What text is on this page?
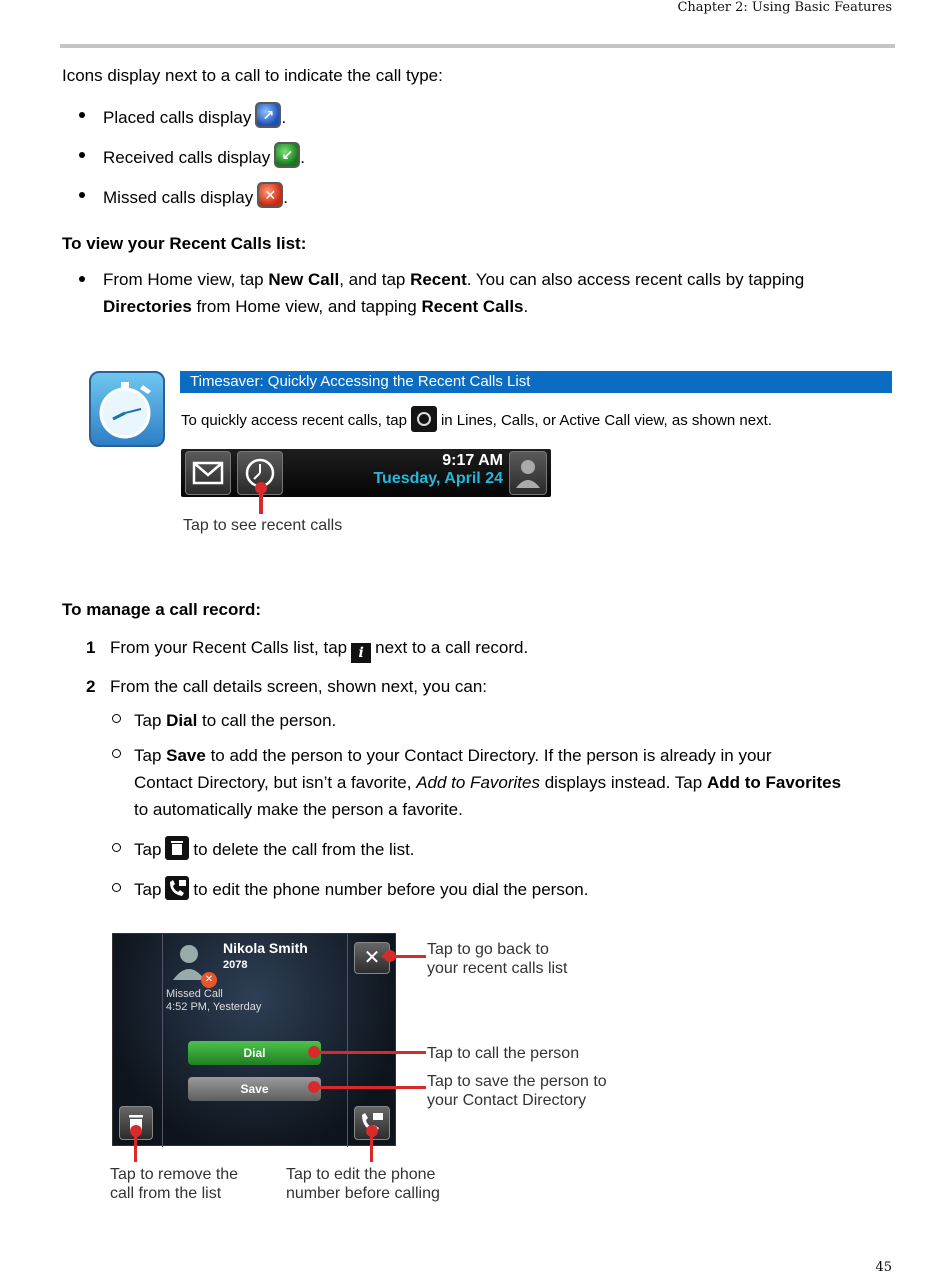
Chapter 2: Using Basic Features
Icons display next to a call to indicate the call type:
Placed calls display ↗ .
Received calls display ↙ .
Missed calls display ✕ .
To view your Recent Calls list:
From Home view, tap New Call, and tap Recent. You can also access recent calls by tapping
Directories from Home view, and tapping Recent Calls.
Timesaver: Quickly Accessing the Recent Calls List
To quickly access recent calls, tap in Lines, Calls, or Active Call view, as shown next.
9:17 AM
Tuesday, April 24
Tap to see recent calls
To manage a call record:
1 From your Recent Calls list, tap i next to a call record.
2 From the call details screen, shown next, you can:
Tap Dial to call the person.
Tap Save to add the person to your Contact Directory. If the person is already in your
Contact Directory, but isn’t a favorite, Add to Favorites displays instead. Tap Add to Favorites
to automatically make the person a favorite.
Tap to delete the call from the list.
Tap to edit the phone number before you dial the person.
✕
Nikola Smith
2078
Missed Call
4:52 PM, Yesterday
Dial
Save
✕	Tap to go back to
your recent calls list
Tap to call the person
Tap to save the person to
your Contact Directory
Tap to remove the
call from the list
Tap to edit the phone
number before calling
45
